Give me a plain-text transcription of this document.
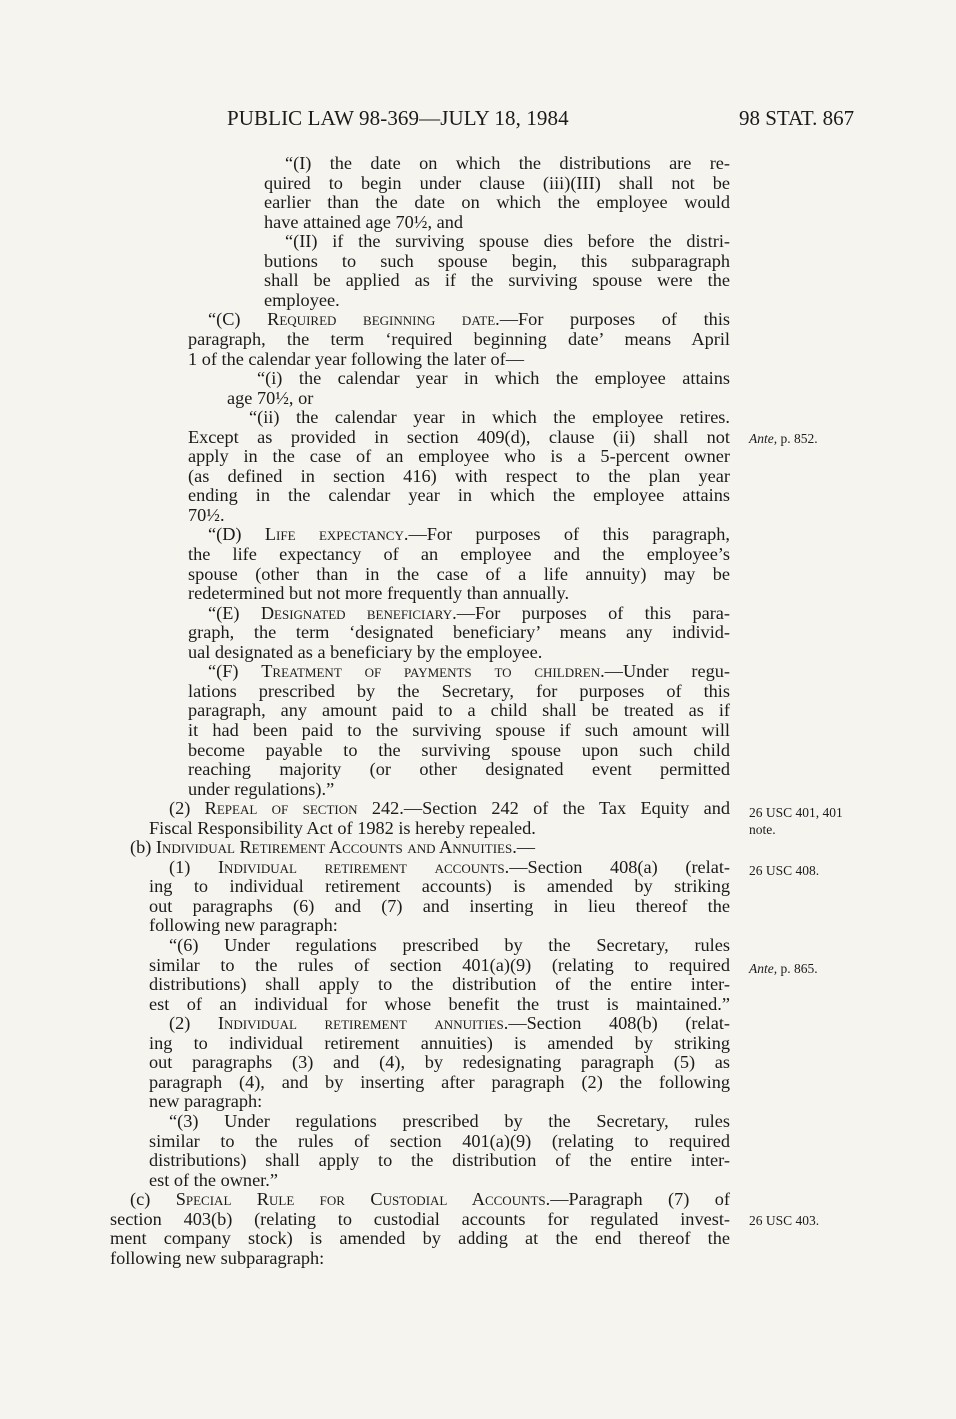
PUBLIC LAW 98-369—JULY 18, 1984	98 STAT. 867
“(I) the date on which the distributions are re-
quired to begin under clause (iii)(III) shall not be
earlier than the date on which the employee would
have attained age 70½, and
“(II) if the surviving spouse dies before the distri-
butions to such spouse begin, this subparagraph
shall be applied as if the surviving spouse were the
employee.
“(C) Required beginning date.—For purposes of this
paragraph, the term ‘required beginning date’ means April
1 of the calendar year following the later of—
“(i) the calendar year in which the employee attains
age 70½, or
“(ii) the calendar year in which the employee retires.
Except as provided in section 409(d), clause (ii) shall not
apply in the case of an employee who is a 5-percent owner
(as defined in section 416) with respect to the plan year
ending in the calendar year in which the employee attains
70½.
“(D) Life expectancy.—For purposes of this paragraph,
the life expectancy of an employee and the employee’s
spouse (other than in the case of a life annuity) may be
redetermined but not more frequently than annually.
“(E) Designated beneficiary.—For purposes of this para-
graph, the term ‘designated beneficiary’ means any individ-
ual designated as a beneficiary by the employee.
“(F) Treatment of payments to children.—Under regu-
lations prescribed by the Secretary, for purposes of this
paragraph, any amount paid to a child shall be treated as if
it had been paid to the surviving spouse if such amount will
become payable to the surviving spouse upon such child
reaching majority (or other designated event permitted
under regulations).”
(2) Repeal of section 242.—Section 242 of the Tax Equity and
Fiscal Responsibility Act of 1982 is hereby repealed.
(b) Individual Retirement Accounts and Annuities.—
(1) Individual retirement accounts.—Section 408(a) (relat-
ing to individual retirement accounts) is amended by striking
out paragraphs (6) and (7) and inserting in lieu thereof the
following new paragraph:
“(6) Under regulations prescribed by the Secretary, rules
similar to the rules of section 401(a)(9) (relating to required
distributions) shall apply to the distribution of the entire inter-
est of an individual for whose benefit the trust is maintained.”
(2) Individual retirement annuities.—Section 408(b) (relat-
ing to individual retirement annuities) is amended by striking
out paragraphs (3) and (4), by redesignating paragraph (5) as
paragraph (4), and by inserting after paragraph (2) the following
new paragraph:
“(3) Under regulations prescribed by the Secretary, rules
similar to the rules of section 401(a)(9) (relating to required
distributions) shall apply to the distribution of the entire inter-
est of the owner.”
(c) Special Rule for Custodial Accounts.—Paragraph (7) of
section 403(b) (relating to custodial accounts for regulated invest-
ment company stock) is amended by adding at the end thereof the
following new subparagraph:
Ante, p. 852.
26 USC 401, 401
note.
26 USC 408.
Ante, p. 865.
26 USC 403.
